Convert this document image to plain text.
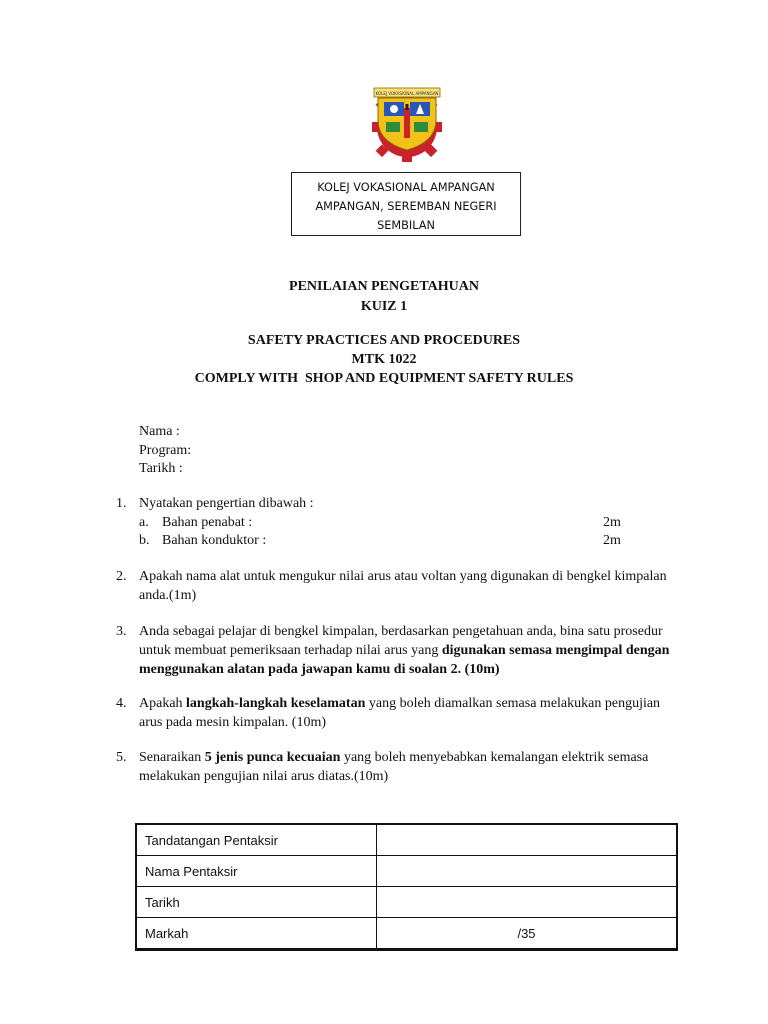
KOLEJ VOKASIONAL AMPANGAN
KOLEJ VOKASIONAL AMPANGAN
AMPANGAN, SEREMBAN NEGERI
SEMBILAN
PENILAIAN PENGETAHUAN
KUIZ 1
SAFETY PRACTICES AND PROCEDURES
MTK 1022
COMPLY WITH  SHOP AND EQUIPMENT SAFETY RULES
Nama :
Program:
Tarikh :
1. Nyatakan pengertian dibawah :
a. Bahan penabat :	2m
b. Bahan konduktor :	2m
2. Apakah nama alat untuk mengukur nilai arus atau voltan yang digunakan di bengkel kimpalan anda.(1m)
3. Anda sebagai pelajar di bengkel kimpalan, berdasarkan pengetahuan anda, bina satu prosedur untuk membuat pemeriksaan terhadap nilai arus yang digunakan semasa mengimpal dengan menggunakan alatan pada jawapan kamu di soalan 2. (10m)
4. Apakah langkah-langkah keselamatan yang boleh diamalkan semasa melakukan pengujian arus pada mesin kimpalan. (10m)
5. Senaraikan 5 jenis punca kecuaian yang boleh menyebabkan kemalangan elektrik semasa melakukan pengujian nilai arus diatas.(10m)
Tandatangan Pentaksir	
Nama Pentaksir	
Tarikh	
Markah	/35
